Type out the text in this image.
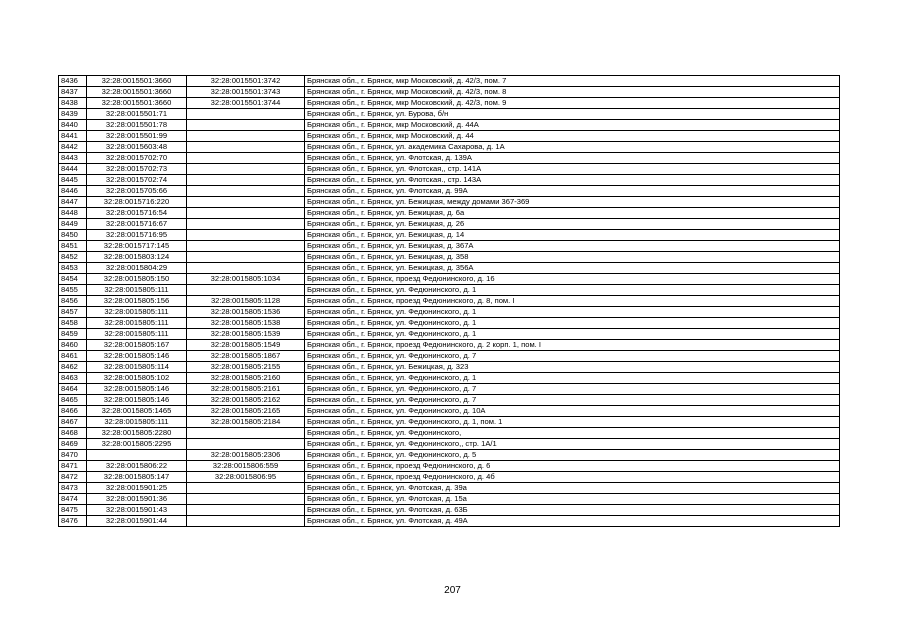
8436	32:28:0015501:3660	32:28:0015501:3742	Брянская обл., г. Брянск, мкр Московский, д. 42/3, пом. 7
8437	32:28:0015501:3660	32:28:0015501:3743	Брянская обл., г. Брянск, мкр Московский, д. 42/3, пом. 8
8438	32:28:0015501:3660	32:28:0015501:3744	Брянская обл., г. Брянск, мкр Московский, д. 42/3, пом. 9
8439	32:28:0015501:71		Брянская обл., г. Брянск, ул. Бурова, б/н
8440	32:28:0015501:78		Брянская обл., г. Брянск, мкр Московский, д. 44А
8441	32:28:0015501:99		Брянская обл., г. Брянск, мкр Московский, д. 44
8442	32:28:0015603:48		Брянская обл., г. Брянск, ул. академика Сахарова, д. 1А
8443	32:28:0015702:70		Брянская обл., г. Брянск, ул. Флотская, д. 139А
8444	32:28:0015702:73		Брянская обл., г. Брянск, ул. Флотская,, стр. 141А
8445	32:28:0015702:74		Брянская обл., г. Брянск, ул. Флотская., стр. 143А
8446	32:28:0015705:66		Брянская обл., г. Брянск, ул. Флотская, д. 99А
8447	32:28:0015716:220		Брянская обл., г. Брянск, ул. Бежицкая, между домами 367-369
8448	32:28:0015716:54		Брянская обл., г. Брянск, ул. Бежицкая, д. 6а
8449	32:28:0015716:67		Брянская обл., г. Брянск, ул. Бежицкая, д. 26
8450	32:28:0015716:95		Брянская обл., г. Брянск, ул. Бежицкая, д. 14
8451	32:28:0015717:145		Брянская обл., г. Брянск, ул. Бежицкая, д. 367А
8452	32:28:0015803:124		Брянская обл., г. Брянск, ул. Бежицкая, д. 358
8453	32:28:0015804:29		Брянская обл., г. Брянск, ул. Бежицкая, д. 356А
8454	32:28:0015805:150	32:28:0015805:1034	Брянская обл., г. Брянск, проезд Федюнинского, д. 16
8455	32:28:0015805:111		Брянская обл., г. Брянск, ул. Федюнинского, д. 1
8456	32:28:0015805:156	32:28:0015805:1128	Брянская обл., г. Брянск, проезд Федюнинского, д. 8, пом. I
8457	32:28:0015805:111	32:28:0015805:1536	Брянская обл., г. Брянск, ул. Федюнинского, д. 1
8458	32:28:0015805:111	32:28:0015805:1538	Брянская обл., г. Брянск, ул. Федюнинского, д. 1
8459	32:28:0015805:111	32:28:0015805:1539	Брянская обл., г. Брянск, ул. Федюнинского, д. 1
8460	32:28:0015805:167	32:28:0015805:1549	Брянская обл., г. Брянск, проезд Федюнинского, д. 2 корп. 1, пом. I
8461	32:28:0015805:146	32:28:0015805:1867	Брянская обл., г. Брянск, ул. Федюнинского, д. 7
8462	32:28:0015805:114	32:28:0015805:2155	Брянская обл., г. Брянск, ул. Бежицкая, д. 323
8463	32:28:0015805:102	32:28:0015805:2160	Брянская обл., г. Брянск, ул. Федюнинского, д. 1
8464	32:28:0015805:146	32:28:0015805:2161	Брянская обл., г. Брянск, ул. Федюнинского, д. 7
8465	32:28:0015805:146	32:28:0015805:2162	Брянская обл., г. Брянск, ул. Федюнинского, д. 7
8466	32:28:0015805:1465	32:28:0015805:2165	Брянская обл., г. Брянск, ул. Федюнинского, д. 10А
8467	32:28:0015805:111	32:28:0015805:2184	Брянская обл., г. Брянск, ул. Федюнинского, д. 1, пом. 1
8468	32:28:0015805:2280		Брянская обл., г. Брянск, ул. Федюнинского,
8469	32:28:0015805:2295		Брянская обл., г. Брянск, ул. Федюнинского,, стр. 1А/1
8470		32:28:0015805:2306	Брянская обл., г. Брянск, ул. Федюнинского, д. 5
8471	32:28:0015806:22	32:28:0015806:559	Брянская обл., г. Брянск, проезд Федюнинского, д. 6
8472	32:28:0015805:147	32:28:0015806:95	Брянская обл., г. Брянск, проезд Федюнинского, д. 4б
8473	32:28:0015901:25		Брянская обл., г. Брянск, ул. Флотская, д. 39а
8474	32:28:0015901:36		Брянская обл., г. Брянск, ул. Флотская, д. 15а
8475	32:28:0015901:43		Брянская обл., г. Брянск, ул. Флотская, д. 63Б
8476	32:28:0015901:44		Брянская обл., г. Брянск, ул. Флотская, д. 49А
207
